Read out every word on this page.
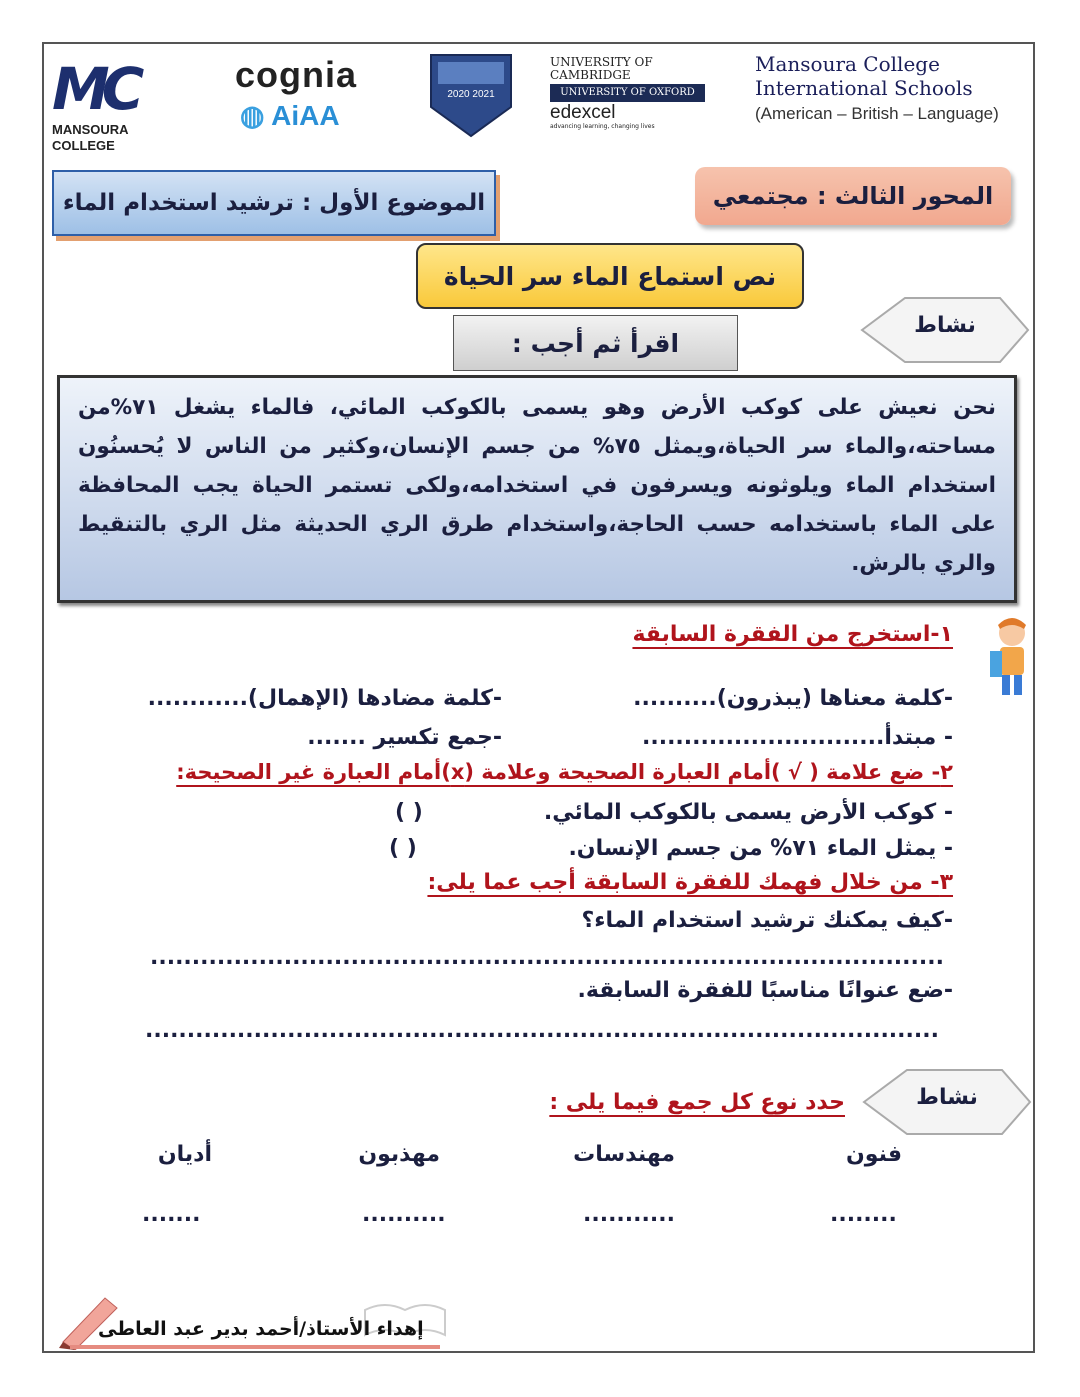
MC
MANSOURA COLLEGE
cognia
◍ AiAA
2020 2021
UNIVERSITY OF CAMBRIDGE
UNIVERSITY OF OXFORD
edexcel
advancing learning, changing lives
Mansoura College
International Schools
(American – British – Language)
المحور الثالث : مجتمعي
الموضوع الأول : ترشيد استخدام الماء
نص استماع الماء سر الحياة
اقرأ ثم أجب :
نشاط

نحن نعيش على كوكب الأرض وهو يسمى بالكوكب المائي، فالماء يشغل ٧١%من مساحته،والماء سر الحياة،ويمثل ٧٥% من جسم الإنسان،وكثير من الناس لا يُحسنُون استخدام الماء ويلوثونه ويسرفون في استخدامه،ولكى تستمر الحياة يجب المحافظة على الماء باستخدامه حسب الحاجة،واستخدام طرق الري الحديثة مثل الري بالتنقيط والري بالرش.

١-استخرج من الفقرة السابقة
-كلمة معناها (يبذرون)..........
-كلمة مضادها (الإهمال)............
- مبتدأ.............................
-جمع تكسير .......
٢- ضع علامة ( √ )أمام العبارة الصحيحة وعلامة (x)أمام العبارة غير الصحيحة:
- كوكب الأرض يسمى بالكوكب المائي.
( )
- يمثل الماء ٧١% من جسم الإنسان.
( )
٣- من خلال فهمك للفقرة السابقة أجب عما يلى:
-كيف يمكنك ترشيد استخدام الماء؟
...............................................................................................
-ضع عنوانًا مناسبًا للفقرة السابقة.
...............................................................................................
نشاط
حدد نوع كل جمع فيما يلى :
فنون
مهندسات
مهذبون
أديان
........
...........
..........
.......
إهداء الأستاذ/أحمد بدير عبد العاطى
